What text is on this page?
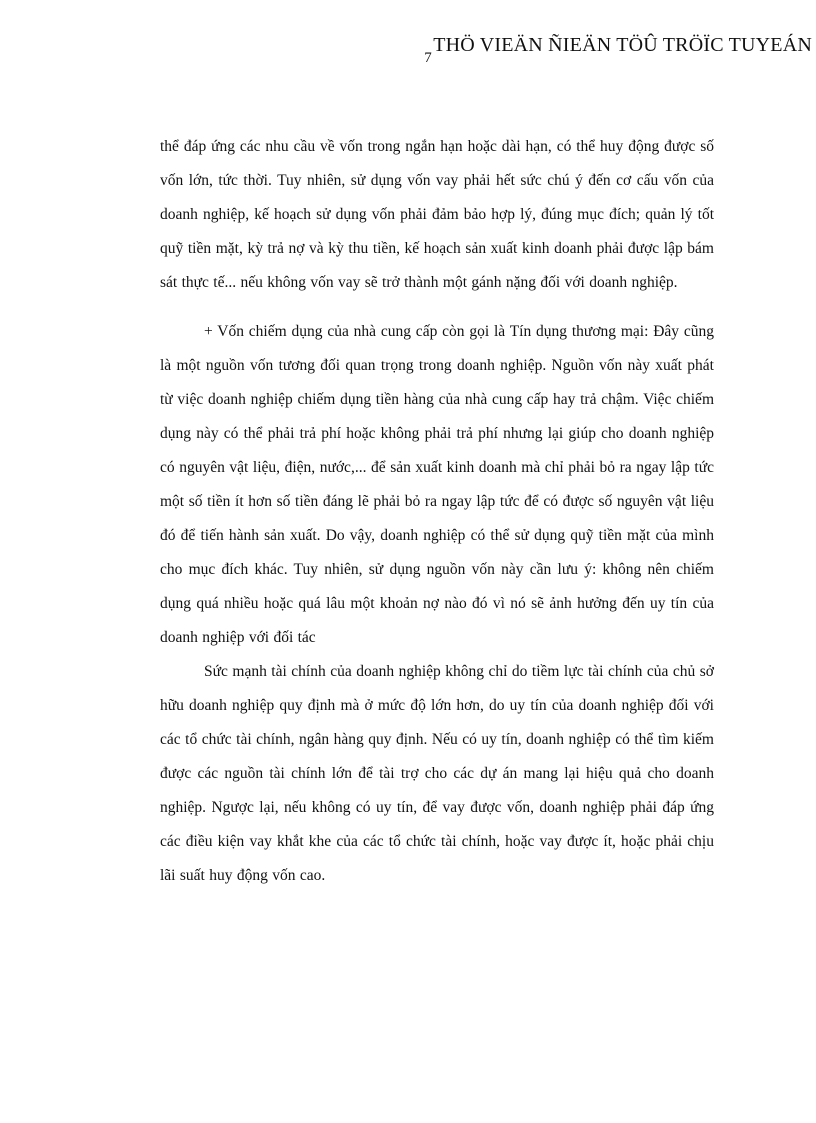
THÖ VIEÄN ÑIEÄN TÖÛ TRÖÏC TUYEÁN
7

thể đáp ứng các nhu cầu về vốn trong ngắn hạn hoặc dài hạn, có thể huy động được số vốn lớn, tức thời. Tuy nhiên, sử dụng vốn vay phải hết sức chú ý đến cơ cấu vốn của doanh nghiệp, kế hoạch sử dụng vốn phải đảm bảo hợp lý, đúng mục đích; quản lý tốt quỹ tiền mặt, kỳ trả nợ và kỳ thu tiền, kế hoạch sản xuất kinh doanh phải được lập bám sát thực tế... nếu không vốn vay sẽ trở thành một gánh nặng đối với doanh nghiệp.

+ Vốn chiếm dụng của nhà cung cấp còn gọi là Tín dụng thương mại: Đây cũng là một nguồn vốn tương đối quan trọng trong doanh nghiệp. Nguồn vốn này xuất phát từ việc doanh nghiệp chiếm dụng tiền hàng của nhà cung cấp hay trả chậm. Việc chiếm dụng này có thể phải trả phí hoặc không phải trả phí nhưng lại giúp cho doanh nghiệp có nguyên vật liệu, điện, nước,... để sản xuất kinh doanh mà chỉ phải bỏ ra ngay lập tức một số tiền ít hơn số tiền đáng lẽ phải bỏ ra ngay lập tức để có được số nguyên vật liệu đó để tiến hành sản xuất. Do vậy, doanh nghiệp có thể sử dụng quỹ tiền mặt của mình cho mục đích khác. Tuy nhiên, sử dụng nguồn vốn này cần lưu ý: không nên chiếm dụng quá nhiều hoặc quá lâu một khoản nợ nào đó vì nó sẽ ảnh hưởng đến uy tín của doanh nghiệp với đối tác

Sức mạnh tài chính của doanh nghiệp không chỉ do tiềm lực tài chính của chủ sở hữu doanh nghiệp quy định mà ở mức độ lớn hơn, do uy tín của doanh nghiệp đối với các tổ chức tài chính, ngân hàng quy định. Nếu có uy tín, doanh nghiệp có thể tìm kiếm được các nguồn tài chính lớn để tài trợ cho các dự án mang lại hiệu quả cho doanh nghiệp. Ngược lại, nếu không có uy tín, để vay được vốn, doanh nghiệp phải đáp ứng các điều kiện vay khắt khe của các tổ chức tài chính, hoặc vay được ít, hoặc phải chịu lãi suất huy động vốn cao.
